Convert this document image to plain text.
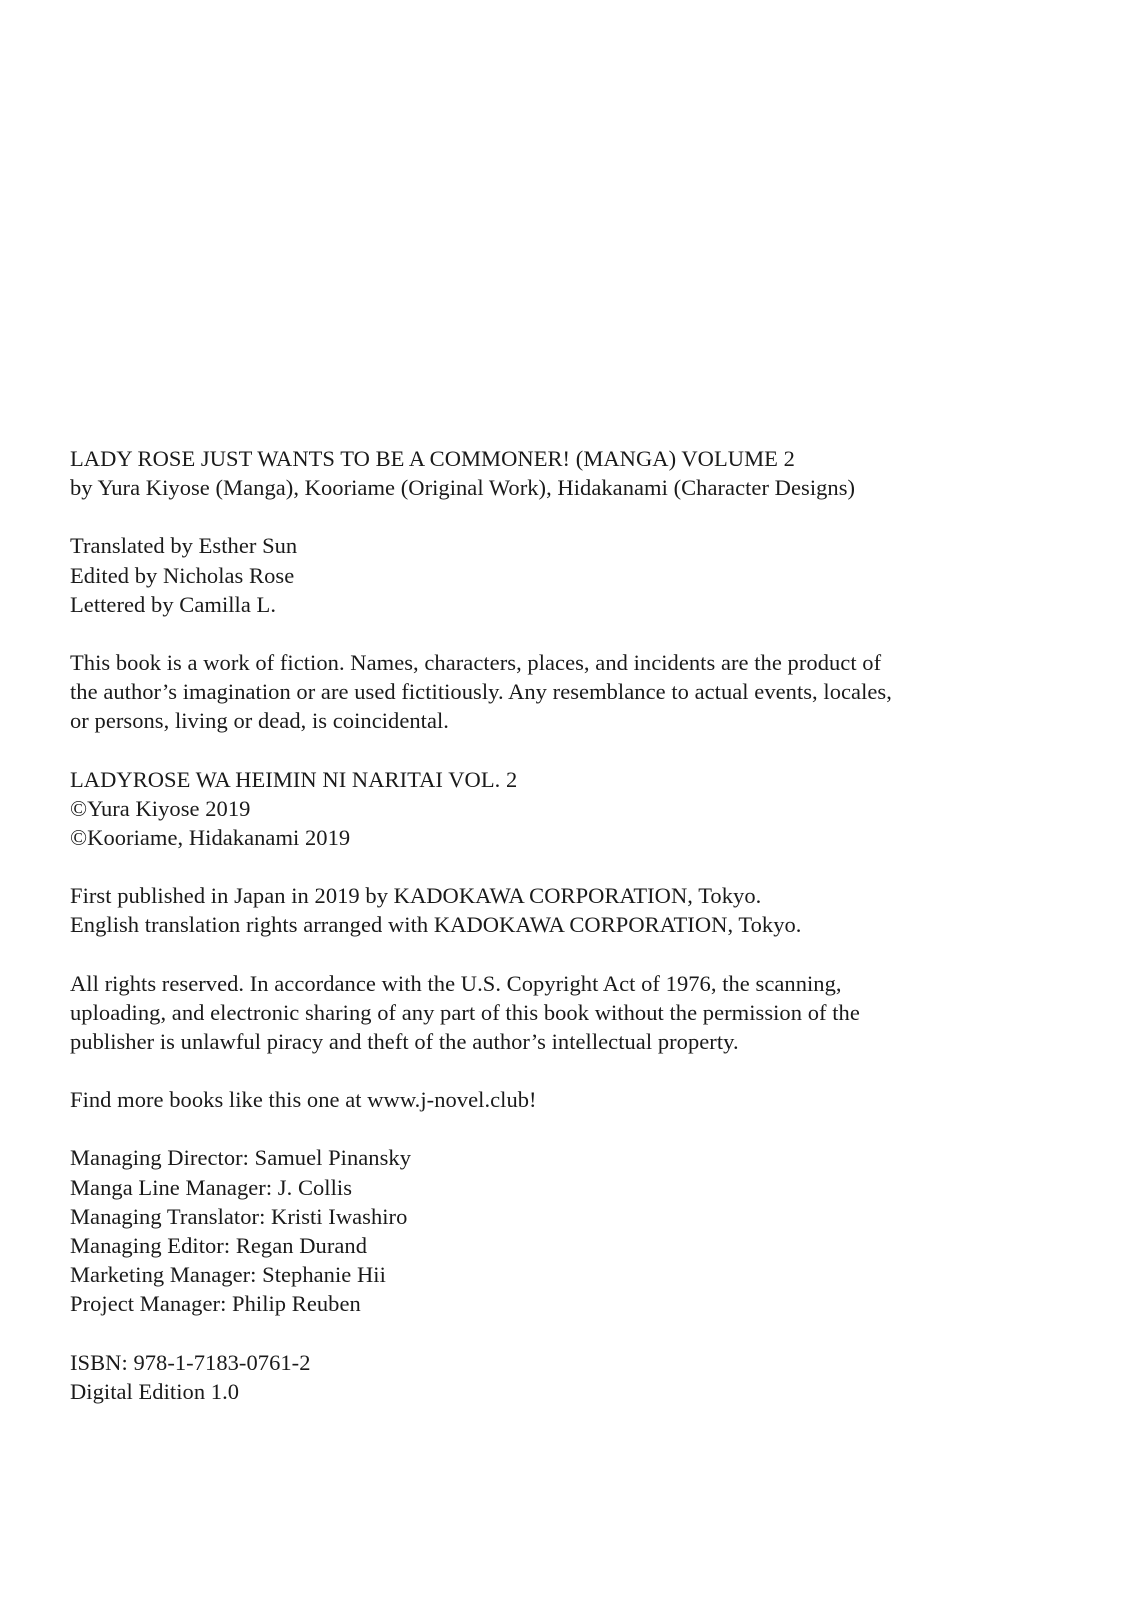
LADY ROSE JUST WANTS TO BE A COMMONER! (MANGA) VOLUME 2
by Yura Kiyose (Manga), Kooriame (Original Work), Hidakanami (Character Designs)
Translated by Esther Sun
Edited by Nicholas Rose
Lettered by Camilla L.
This book is a work of fiction. Names, characters, places, and incidents are the product of
the author’s imagination or are used fictitiously. Any resemblance to actual events, locales,
or persons, living or dead, is coincidental.
LADYROSE WA HEIMIN NI NARITAI VOL. 2
©Yura Kiyose 2019
©Kooriame, Hidakanami 2019
First published in Japan in 2019 by KADOKAWA CORPORATION, Tokyo.
English translation rights arranged with KADOKAWA CORPORATION, Tokyo.
All rights reserved. In accordance with the U.S. Copyright Act of 1976, the scanning,
uploading, and electronic sharing of any part of this book without the permission of the
publisher is unlawful piracy and theft of the author’s intellectual property.
Find more books like this one at www.j-novel.club!
Managing Director: Samuel Pinansky
Manga Line Manager: J. Collis
Managing Translator: Kristi Iwashiro
Managing Editor: Regan Durand
Marketing Manager: Stephanie Hii
Project Manager: Philip Reuben
ISBN: 978-1-7183-0761-2
Digital Edition 1.0
